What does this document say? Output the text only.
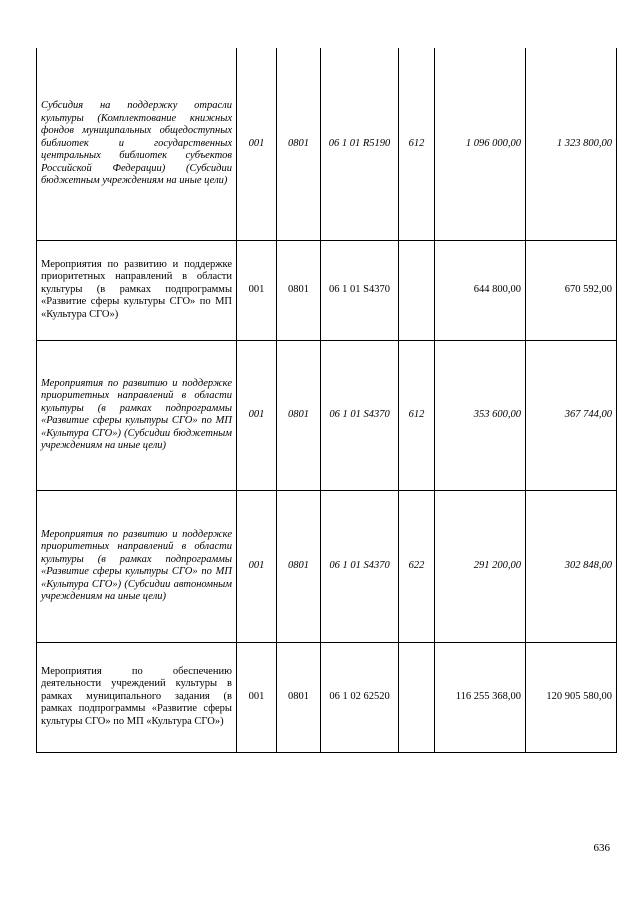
Субсидия на поддержку отрасли культуры (Комплектование книжных фондов муниципальных общедоступных библиотек и государственных центральных библиотек субъектов Российской Федерации) (Субсидии бюджетным учреждениям на иные цели)	001	0801	06 1 01 R5190	612	1 096 000,00	1 323 800,00
Мероприятия по развитию и поддержке приоритетных направлений в области культуры (в рамках подпрограммы «Развитие сферы культуры СГО» по МП «Культура СГО»)	001	0801	06 1 01 S4370		644 800,00	670 592,00
Мероприятия по развитию и поддержке приоритетных направлений в области культуры (в рамках подпрограммы «Развитие сферы культуры СГО» по МП «Культура СГО») (Субсидии бюджетным учреждениям на иные цели)	001	0801	06 1 01 S4370	612	353 600,00	367 744,00
Мероприятия по развитию и поддержке приоритетных направлений в области культуры (в рамках подпрограммы «Развитие сферы культуры СГО» по МП «Культура СГО») (Субсидии автономным учреждениям на иные цели)	001	0801	06 1 01 S4370	622	291 200,00	302 848,00
Мероприятия по обеспечению деятельности учреждений культуры в рамках муниципального задания (в рамках подпрограммы «Развитие сферы культуры СГО» по МП «Культура СГО»)	001	0801	06 1 02 62520		116 255 368,00	120 905 580,00
636
